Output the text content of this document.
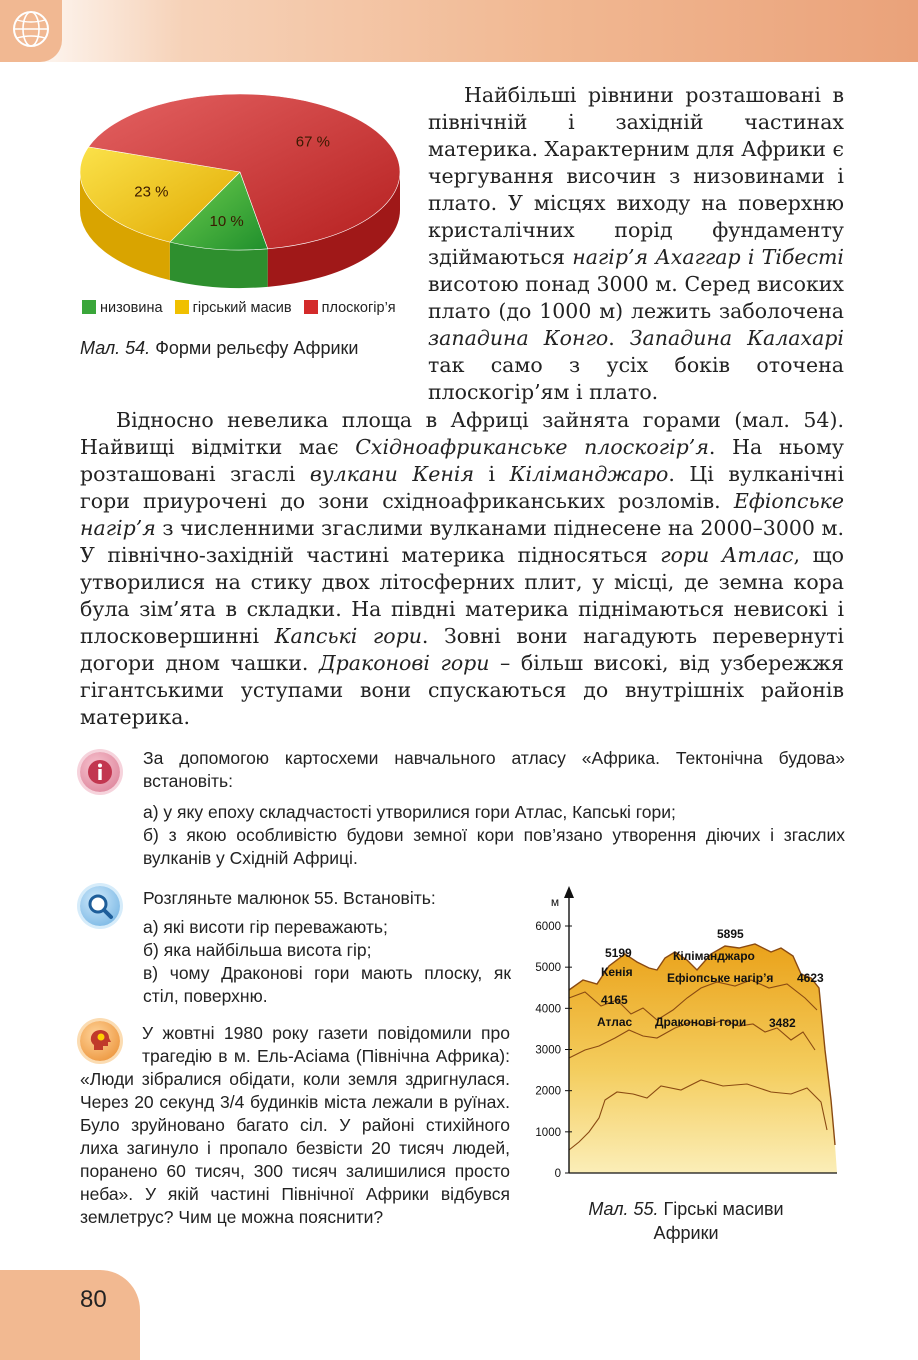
10 %
23 %
67 %
низовина гірський масив плоскогір’я
Мал. 54. Форми рельєфу Африки

Найбільші рівнини розташовані в північній і західній частинах материка. Характерним для Африки є чергування височин з низовинами і плато. У місцях виходу на поверхню кристалічних порід фундаменту здіймаються нагір’я Ахаггар і Тібесті висотою понад 3000 м. Серед високих плато (до 1000 м) лежить заболочена западина Конго. Западина Калахарі так само з усіх боків оточена плоскогір’ям і плато.

Відносно невелика площа в Африці зайнята горами (мал. 54). Найвищі відмітки має Східноафриканське плоскогір’я. На ньому розташовані згаслі вулкани Кенія і Кіліманджаро. Ці вулканічні гори приурочені до зони східноафриканських розломів. Ефіопське нагір’я з численними згаслими вулканами піднесене на 2000–3000 м. У північно-західній частині материка підносяться гори Атлас, що утворилися на стику двох літосферних плит, у місці, де земна кора була зім’ята в складки. На півдні материка піднімаються невисокі і плосковершинні Капські гори. Зовні вони нагадують перевернуті догори дном чашки. Драконові гори – більш високі, від узбережжя гігантськими уступами вони спускаються до внутрішніх районів материка.

За допомогою картосхеми навчального атласу «Африка. Тектонічна будова» встановіть:

а) у яку епоху складчастості утворилися гори Атлас, Капські гори;

б) з якою особливістю будови земної кори пов’язано утворення діючих і згаслих вулканів у Східній Африці.

Розгляньте малюнок 55. Встановіть:

а) які висоти гір переважають;

б) яка найбільша висота гір;

в) чому Драконові гори мають плоску, як стіл, поверхню.

У жовтні 1980 року газети повідомили про трагедію в м. Ель-Асіама (Північна Африка): «Люди зібралися обідати, коли земля здригнулася. Через 20 секунд 3/4 будинків міста лежали в руїнах. Було зруйновано багато сіл. У районі стихійного лиха загинуло і пропало безвісти 20 тисяч людей, поранено 60 тисяч, 300 тисяч залишилися просто неба». У якій частині Північної Африки відбувся землетрус? Чим це можна пояснити?

м
0
1000
2000
3000
4000
5000
6000
5199
Кенія
5895
Кіліманджаро
4165
Атлас
4623
Ефіопське нагір’я
3482
Драконові гори
Мал. 55. Гірські масиви Африки
80
